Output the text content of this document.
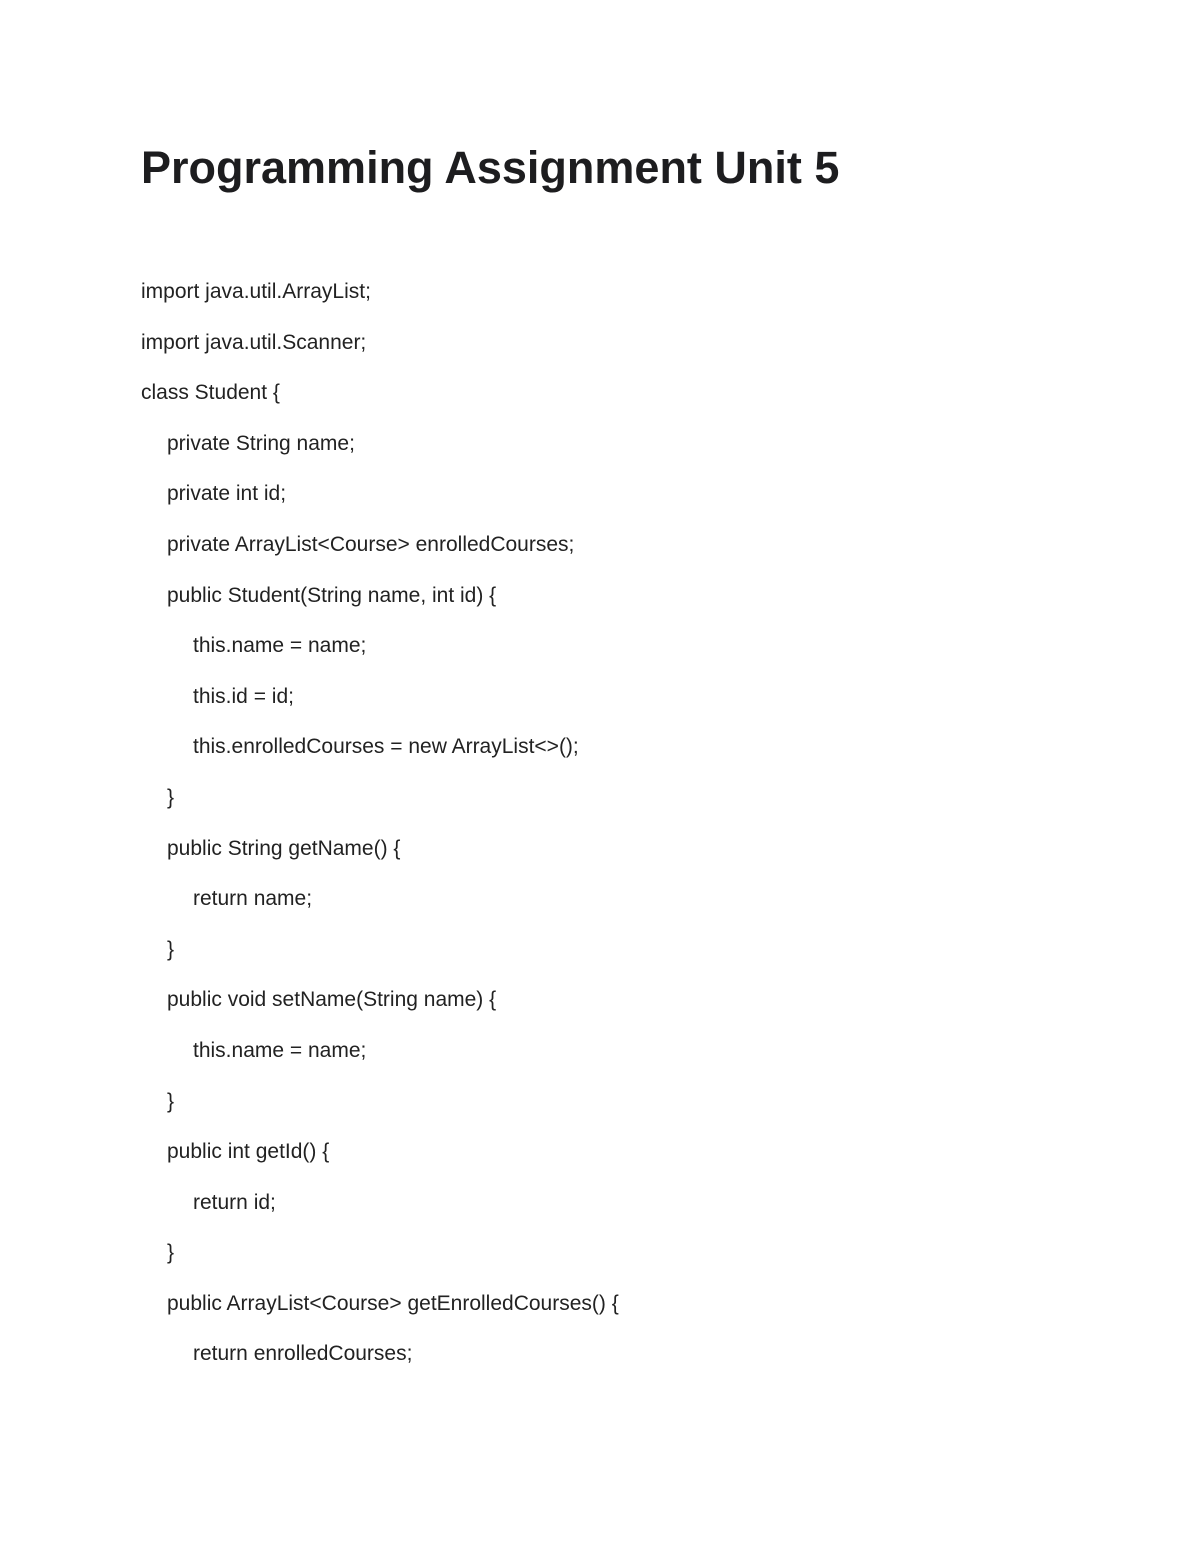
Programming Assignment Unit 5
import java.util.ArrayList;
import java.util.Scanner;
class Student {
private String name;
private int id;
private ArrayList<Course> enrolledCourses;
public Student(String name, int id) {
this.name = name;
this.id = id;
this.enrolledCourses = new ArrayList<>();
}
public String getName() {
return name;
}
public void setName(String name) {
this.name = name;
}
public int getId() {
return id;
}
public ArrayList<Course> getEnrolledCourses() {
return enrolledCourses;
